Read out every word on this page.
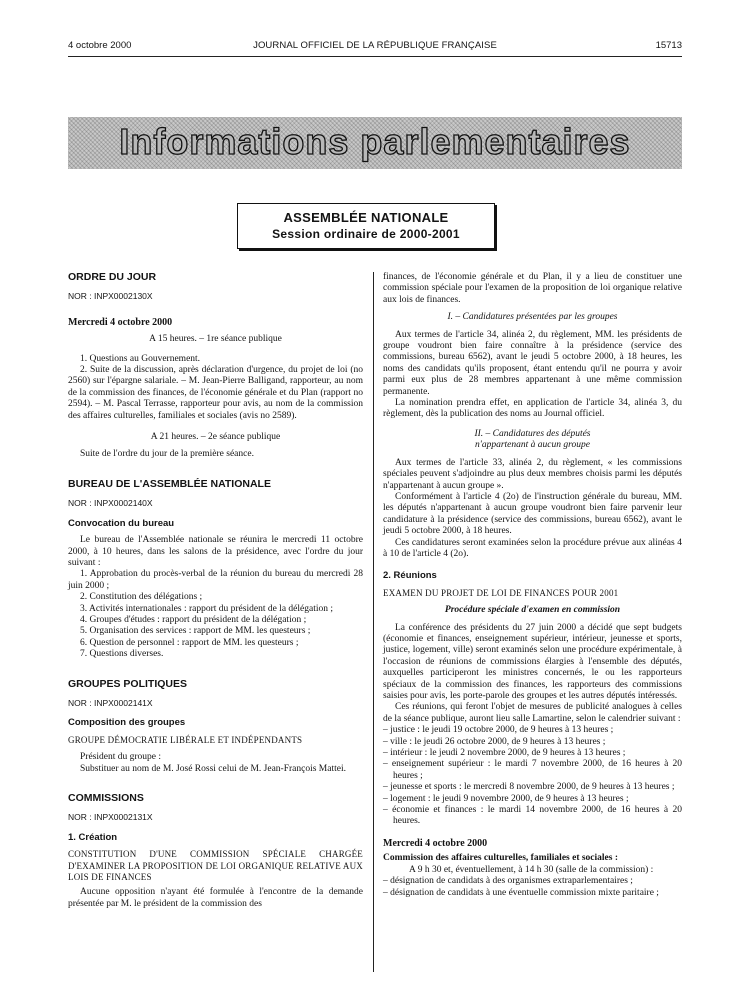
4 octobre 2000	JOURNAL OFFICIEL DE LA RÉPUBLIQUE FRANÇAISE	15713
Informations parlementaires
ASSEMBLÉE NATIONALE
Session ordinaire de 2000-2001

ORDRE DU JOUR

NOR : INPX0002130X

Mercredi 4 octobre 2000

A 15 heures. – 1re séance publique

1. Questions au Gouvernement.

2. Suite de la discussion, après déclaration d'urgence, du projet de loi (no 2560) sur l'épargne salariale. – M. Jean-Pierre Balligand, rapporteur, au nom de la commission des finances, de l'économie générale et du Plan (rapport no 2594). – M. Pascal Terrasse, rapporteur pour avis, au nom de la commission des affaires culturelles, familiales et sociales (avis no 2589).

A 21 heures. – 2e séance publique

Suite de l'ordre du jour de la première séance.

BUREAU DE L'ASSEMBLÉE NATIONALE

NOR : INPX0002140X

Convocation du bureau

Le bureau de l'Assemblée nationale se réunira le mercredi 11 octobre 2000, à 10 heures, dans les salons de la présidence, avec l'ordre du jour suivant :

1. Approbation du procès-verbal de la réunion du bureau du mercredi 28 juin 2000 ;

2. Constitution des délégations ;

3. Activités internationales : rapport du président de la délégation ;

4. Groupes d'études : rapport du président de la délégation ;

5. Organisation des services : rapport de MM. les questeurs ;

6. Question de personnel : rapport de MM. les questeurs ;

7. Questions diverses.

GROUPES POLITIQUES

NOR : INPX0002141X

Composition des groupes

GROUPE DÉMOCRATIE LIBÉRALE ET INDÉPENDANTS

Président du groupe :

Substituer au nom de M. José Rossi celui de M. Jean-François Mattei.

COMMISSIONS

NOR : INPX0002131X

1. Création

CONSTITUTION D'UNE COMMISSION SPÉCIALE CHARGÉE D'EXAMINER LA PROPOSITION DE LOI ORGANIQUE RELATIVE AUX LOIS DE FINANCES

Aucune opposition n'ayant été formulée à l'encontre de la demande présentée par M. le président de la commission des

finances, de l'économie générale et du Plan, il y a lieu de constituer une commission spéciale pour l'examen de la proposition de loi organique relative aux lois de finances.

I. – Candidatures présentées par les groupes

Aux termes de l'article 34, alinéa 2, du règlement, MM. les présidents de groupe voudront bien faire connaître à la présidence (service des commissions, bureau 6562), avant le jeudi 5 octobre 2000, à 18 heures, les noms des candidats qu'ils proposent, étant entendu qu'il ne pourra y avoir parmi eux plus de 28 membres appartenant à une même commission permanente.

La nomination prendra effet, en application de l'article 34, alinéa 3, du règlement, dès la publication des noms au Journal officiel.

II. – Candidatures des députés

n'appartenant à aucun groupe

Aux termes de l'article 33, alinéa 2, du règlement, « les commissions spéciales peuvent s'adjoindre au plus deux membres choisis parmi les députés n'appartenant à aucun groupe ».

Conformément à l'article 4 (2o) de l'instruction générale du bureau, MM. les députés n'appartenant à aucun groupe voudront bien faire parvenir leur candidature à la présidence (service des commissions, bureau 6562), avant le jeudi 5 octobre 2000, à 18 heures.

Ces candidatures seront examinées selon la procédure prévue aux alinéas 4 à 10 de l'article 4 (2o).

2. Réunions

EXAMEN DU PROJET DE LOI DE FINANCES POUR 2001

Procédure spéciale d'examen en commission

La conférence des présidents du 27 juin 2000 a décidé que sept budgets (économie et finances, enseignement supérieur, intérieur, jeunesse et sports, justice, logement, ville) seront examinés selon une procédure expérimentale, à l'occasion de réunions de commissions élargies à l'ensemble des députés, auxquelles participeront les ministres concernés, le ou les rapporteurs spéciaux de la commission des finances, les rapporteurs des commissions saisies pour avis, les porte-parole des groupes et les autres députés intéressés.

Ces réunions, qui feront l'objet de mesures de publicité analogues à celles de la séance publique, auront lieu salle Lamartine, selon le calendrier suivant :

– justice : le jeudi 19 octobre 2000, de 9 heures à 13 heures ;

– ville : le jeudi 26 octobre 2000, de 9 heures à 13 heures ;

– intérieur : le jeudi 2 novembre 2000, de 9 heures à 13 heures ;

– enseignement supérieur : le mardi 7 novembre 2000, de 16 heures à 20 heures ;

– jeunesse et sports : le mercredi 8 novembre 2000, de 9 heures à 13 heures ;

– logement : le jeudi 9 novembre 2000, de 9 heures à 13 heures ;

– économie et finances : le mardi 14 novembre 2000, de 16 heures à 20 heures.

Mercredi 4 octobre 2000

Commission des affaires culturelles, familiales et sociales :

A 9 h 30 et, éventuellement, à 14 h 30 (salle de la commission) :

– désignation de candidats à des organismes extraparlementaires ;

– désignation de candidats à une éventuelle commission mixte paritaire ;
